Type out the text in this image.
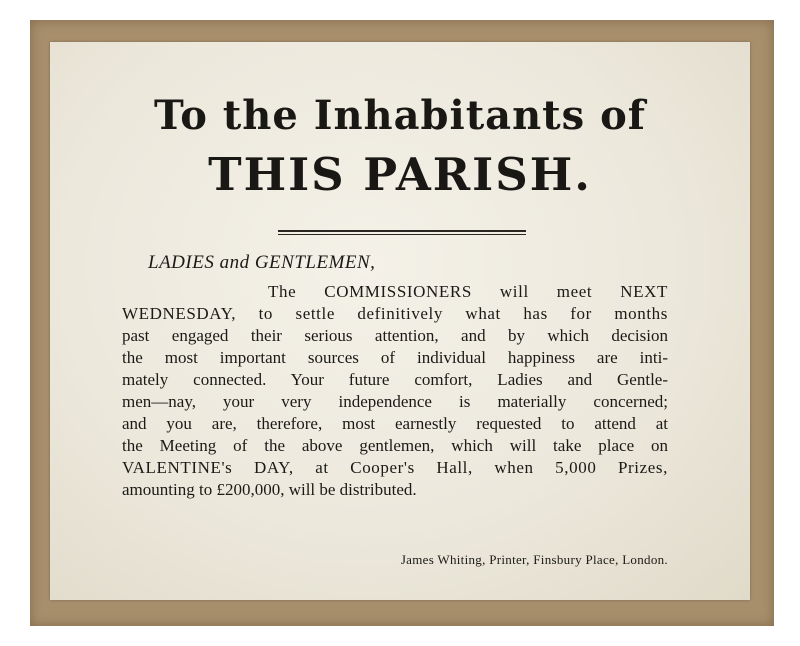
To the Inhabitants of
THIS PARISH.
LADIES and GENTLEMEN,
The COMMISSIONERS will meet NEXT
WEDNESDAY, to settle definitively what has for months
past engaged their serious attention, and by which decision
the most important sources of individual happiness are inti-
mately connected. Your future comfort, Ladies and Gentle-
men—nay, your very independence is materially concerned;
and you are, therefore, most earnestly requested to attend at
the Meeting of the above gentlemen, which will take place on
VALENTINE's DAY, at Cooper's Hall, when 5,000 Prizes,
amounting to £200,000, will be distributed.
James Whiting, Printer, Finsbury Place, London.
